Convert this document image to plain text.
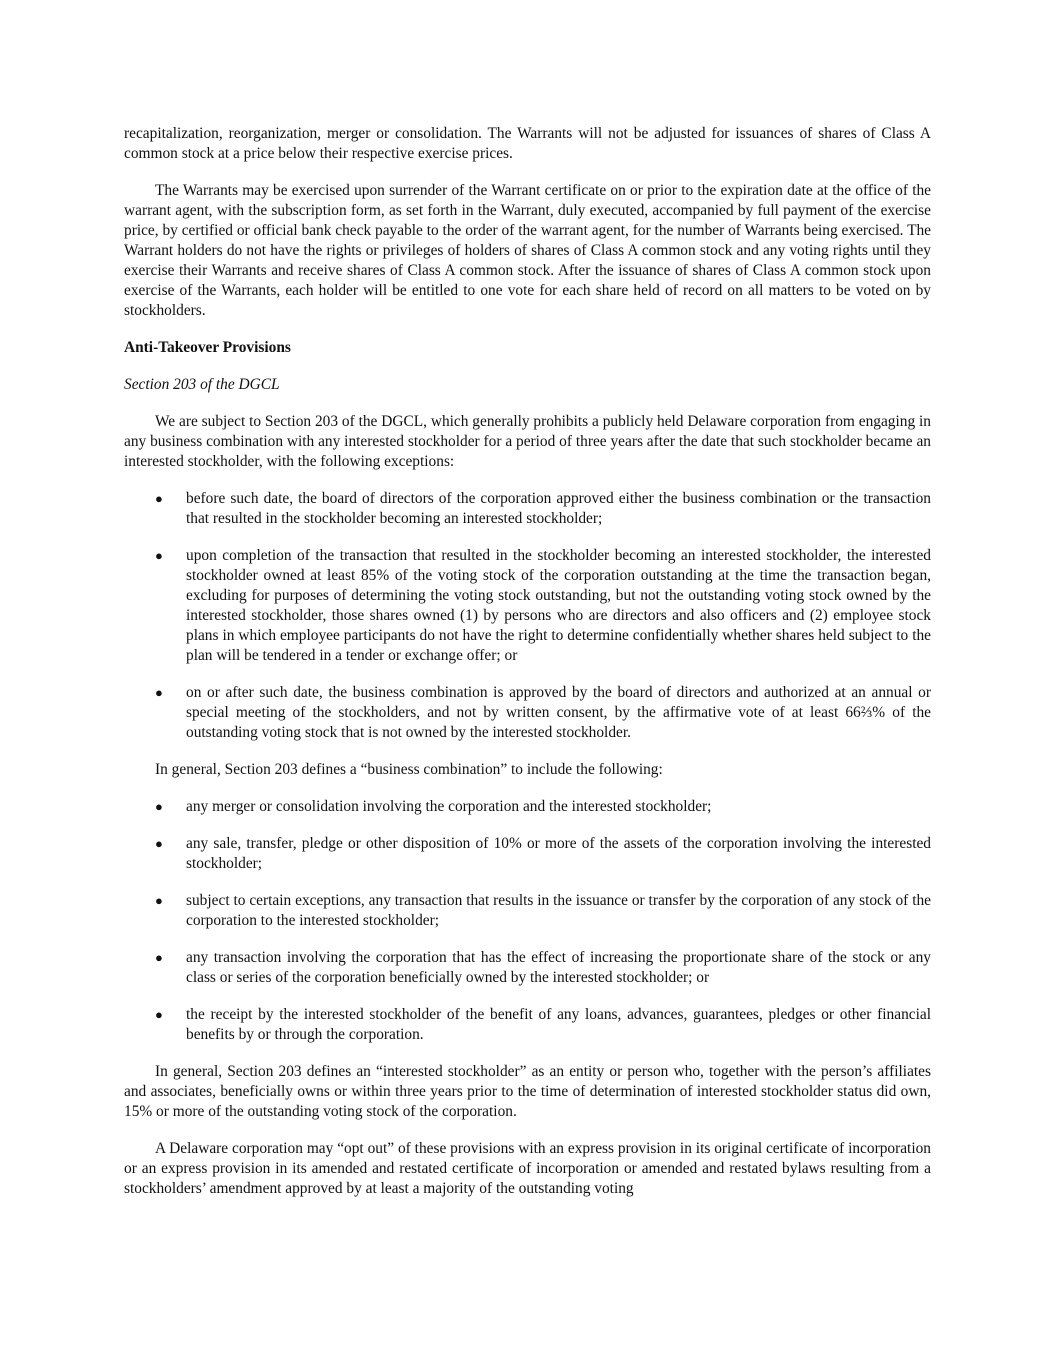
recapitalization, reorganization, merger or consolidation. The Warrants will not be adjusted for issuances of shares of Class A common stock at a price below their respective exercise prices.

The Warrants may be exercised upon surrender of the Warrant certificate on or prior to the expiration date at the office of the warrant agent, with the subscription form, as set forth in the Warrant, duly executed, accompanied by full payment of the exercise price, by certified or official bank check payable to the order of the warrant agent, for the number of Warrants being exercised. The Warrant holders do not have the rights or privileges of holders of shares of Class A common stock and any voting rights until they exercise their Warrants and receive shares of Class A common stock. After the issuance of shares of Class A common stock upon exercise of the Warrants, each holder will be entitled to one vote for each share held of record on all matters to be voted on by stockholders.

Anti-Takeover Provisions

Section 203 of the DGCL

We are subject to Section 203 of the DGCL, which generally prohibits a publicly held Delaware corporation from engaging in any business combination with any interested stockholder for a period of three years after the date that such stockholder became an interested stockholder, with the following exceptions:

● before such date, the board of directors of the corporation approved either the business combination or the transaction that resulted in the stockholder becoming an interested stockholder;
● upon completion of the transaction that resulted in the stockholder becoming an interested stockholder, the interested stockholder owned at least 85% of the voting stock of the corporation outstanding at the time the transaction began, excluding for purposes of determining the voting stock outstanding, but not the outstanding voting stock owned by the interested stockholder, those shares owned (1) by persons who are directors and also officers and (2) employee stock plans in which employee participants do not have the right to determine confidentially whether shares held subject to the plan will be tendered in a tender or exchange offer; or
● on or after such date, the business combination is approved by the board of directors and authorized at an annual or special meeting of the stockholders, and not by written consent, by the affirmative vote of at least 66⅔% of the outstanding voting stock that is not owned by the interested stockholder.

In general, Section 203 defines a “business combination” to include the following:

● any merger or consolidation involving the corporation and the interested stockholder;
● any sale, transfer, pledge or other disposition of 10% or more of the assets of the corporation involving the interested stockholder;
● subject to certain exceptions, any transaction that results in the issuance or transfer by the corporation of any stock of the corporation to the interested stockholder;
● any transaction involving the corporation that has the effect of increasing the proportionate share of the stock or any class or series of the corporation beneficially owned by the interested stockholder; or
● the receipt by the interested stockholder of the benefit of any loans, advances, guarantees, pledges or other financial benefits by or through the corporation.

In general, Section 203 defines an “interested stockholder” as an entity or person who, together with the person’s affiliates and associates, beneficially owns or within three years prior to the time of determination of interested stockholder status did own, 15% or more of the outstanding voting stock of the corporation.

A Delaware corporation may “opt out” of these provisions with an express provision in its original certificate of incorporation or an express provision in its amended and restated certificate of incorporation or amended and restated bylaws resulting from a stockholders’ amendment approved by at least a majority of the outstanding voting
